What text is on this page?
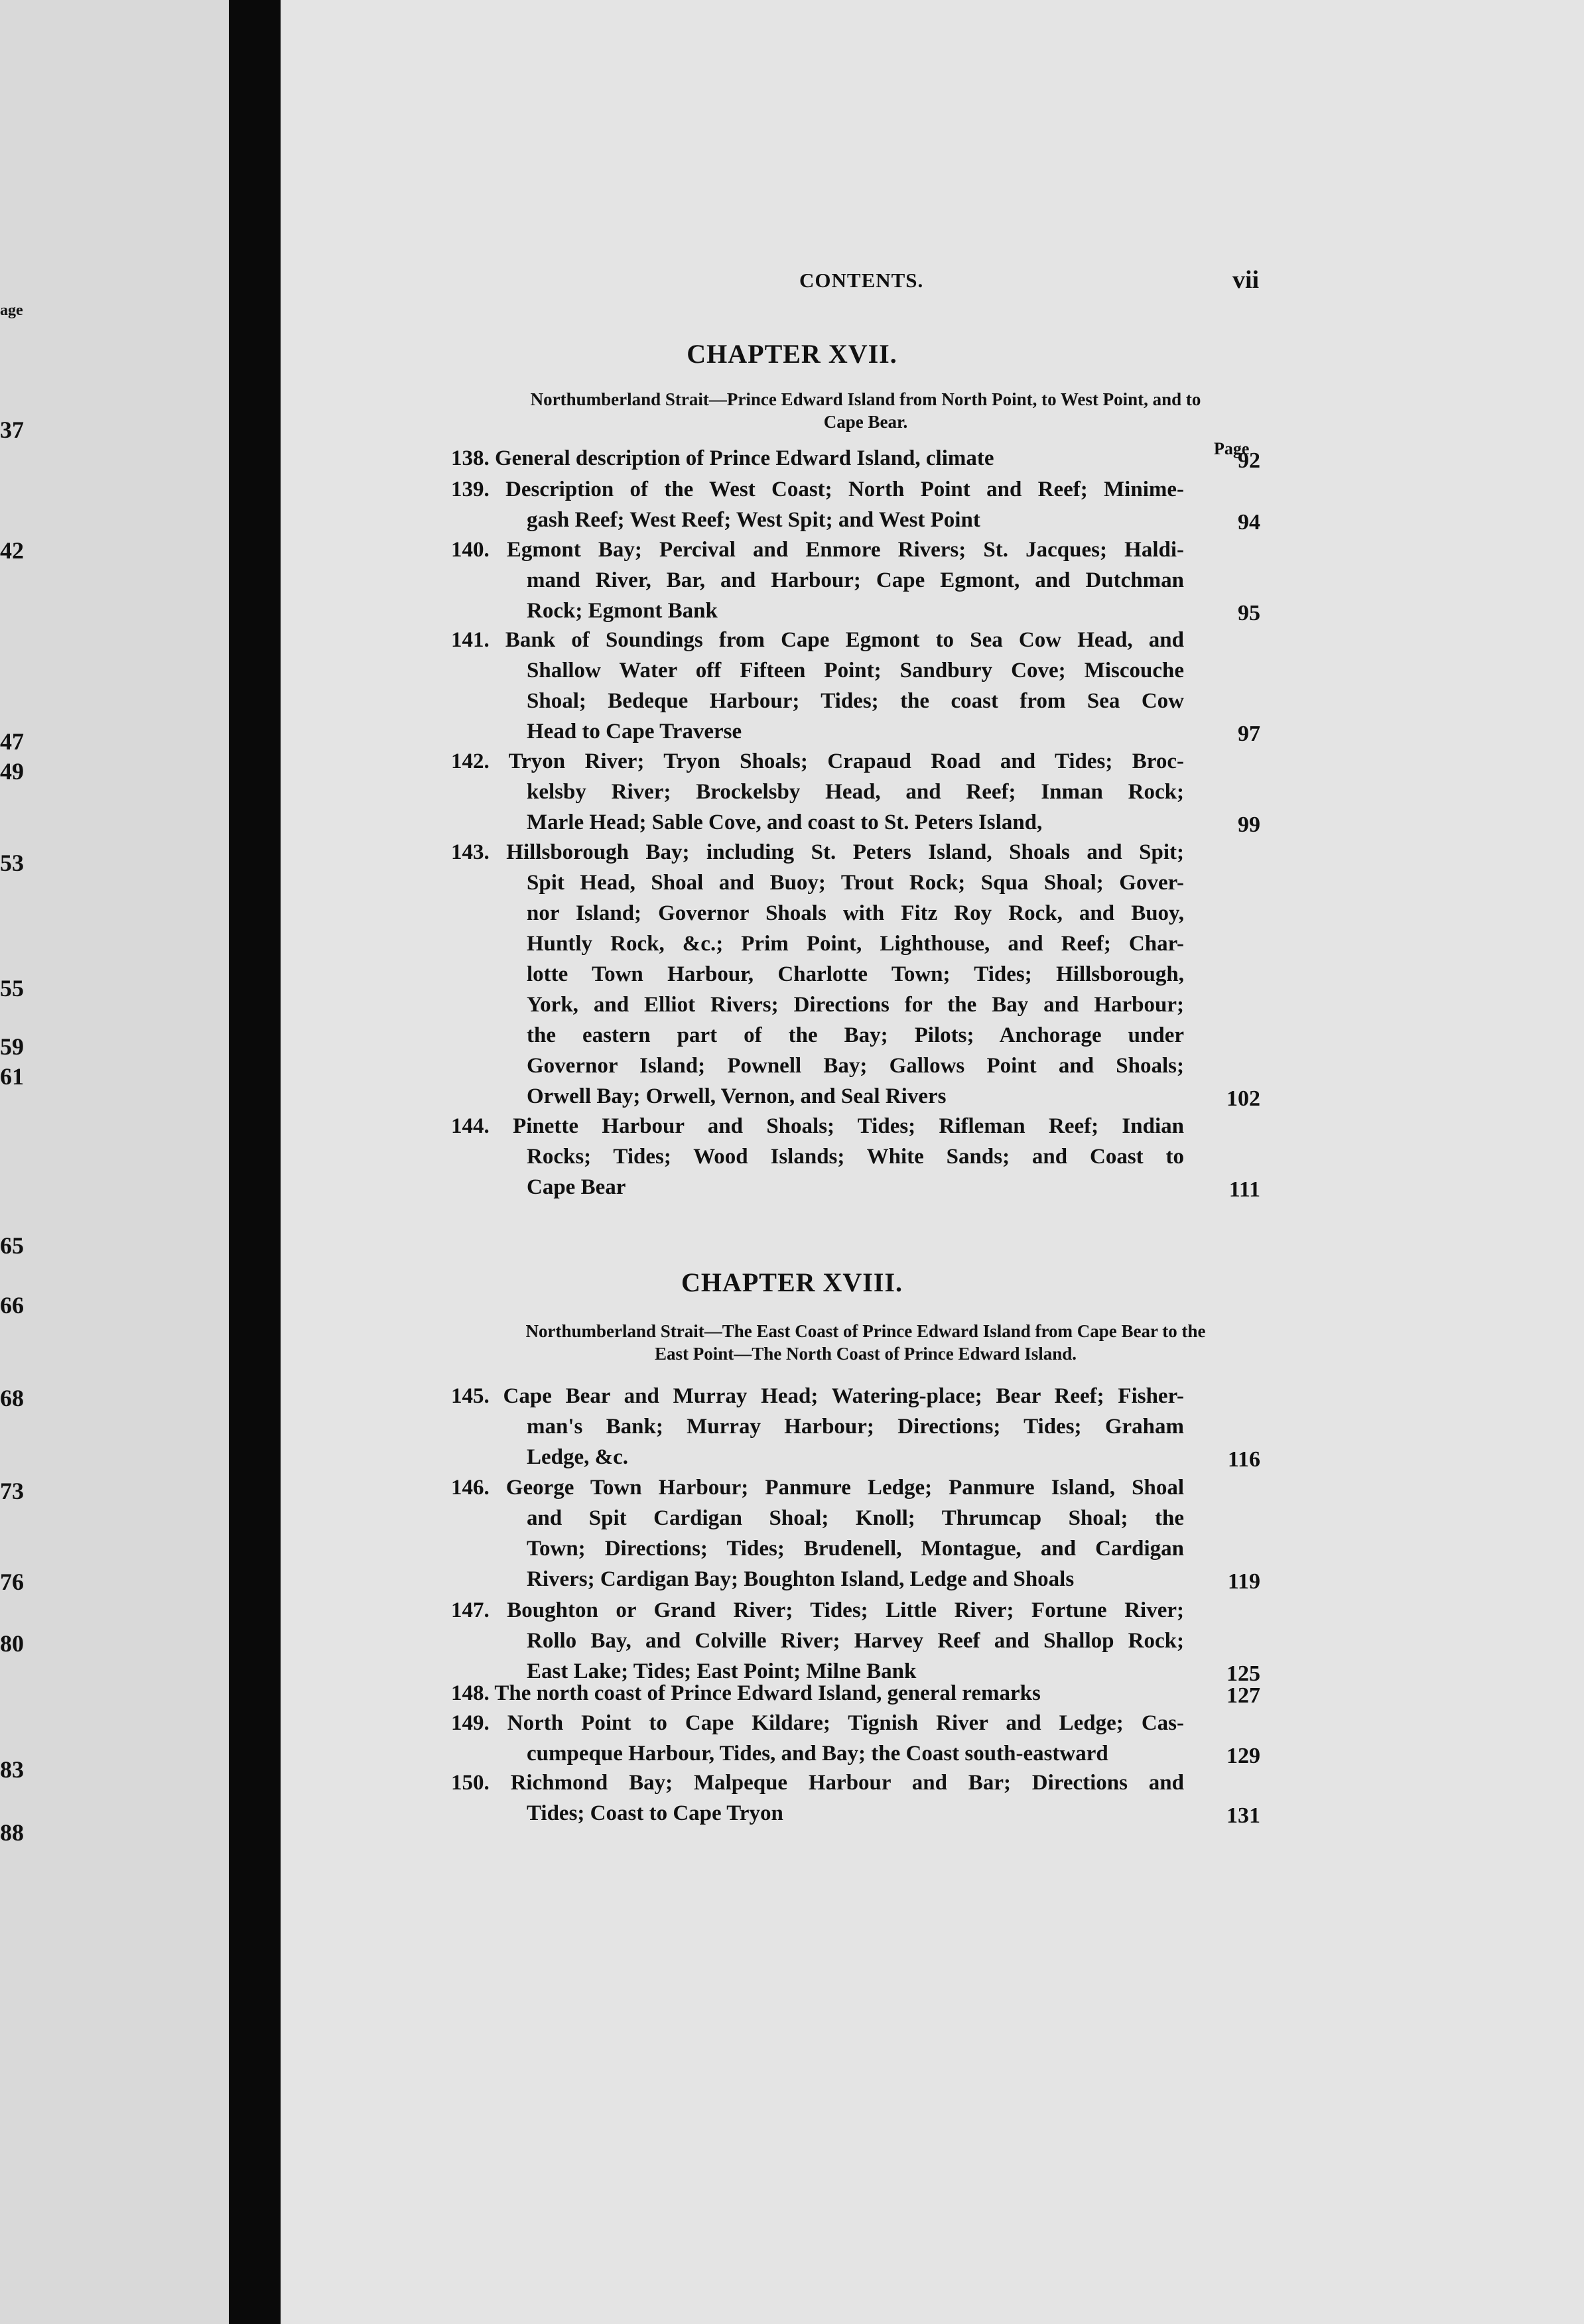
age
37
42
47
49
53
55
59
61
65
66
68
73
76
80
83
88
CONTENTS.	vii
CHAPTER XVII.
Northumberland Strait—Prince Edward Island from North Point, to West Point, and to
Cape Bear.
Page
CHAPTER XVIII.
Northumberland Strait—The East Coast of Prince Edward Island from Cape Bear to the
East Point—The North Coast of Prince Edward Island.
138. General description of Prince Edward Island, climate	92
139. Description of the West Coast; North Point and Reef; Minime-
gash Reef; West Reef; West Spit; and West Point	94
140. Egmont Bay; Percival and Enmore Rivers; St. Jacques; Haldi-
mand River, Bar, and Harbour; Cape Egmont, and Dutchman
Rock; Egmont Bank	95
141. Bank of Soundings from Cape Egmont to Sea Cow Head, and
Shallow Water off Fifteen Point; Sandbury Cove; Miscouche
Shoal; Bedeque Harbour; Tides; the coast from Sea Cow
Head to Cape Traverse	97
142. Tryon River; Tryon Shoals; Crapaud Road and Tides; Broc-
kelsby River; Brockelsby Head, and Reef; Inman Rock;
Marle Head; Sable Cove, and coast to St. Peters Island,	99
143. Hillsborough Bay; including St. Peters Island, Shoals and Spit;
Spit Head, Shoal and Buoy; Trout Rock; Squa Shoal; Gover-
nor Island; Governor Shoals with Fitz Roy Rock, and Buoy,
Huntly Rock, &c.; Prim Point, Lighthouse, and Reef; Char-
lotte Town Harbour, Charlotte Town; Tides; Hillsborough,
York, and Elliot Rivers; Directions for the Bay and Harbour;
the eastern part of the Bay; Pilots; Anchorage under
Governor Island; Pownell Bay; Gallows Point and Shoals;
Orwell Bay; Orwell, Vernon, and Seal Rivers	102
144. Pinette Harbour and Shoals; Tides; Rifleman Reef; Indian
Rocks; Tides; Wood Islands; White Sands; and Coast to
Cape Bear	111
145. Cape Bear and Murray Head; Watering-place; Bear Reef; Fisher-
man's Bank; Murray Harbour; Directions; Tides; Graham
Ledge, &c.	116
146. George Town Harbour; Panmure Ledge; Panmure Island, Shoal
and Spit Cardigan Shoal; Knoll; Thrumcap Shoal; the
Town; Directions; Tides; Brudenell, Montague, and Cardigan
Rivers; Cardigan Bay; Boughton Island, Ledge and Shoals	119
147. Boughton or Grand River; Tides; Little River; Fortune River;
Rollo Bay, and Colville River; Harvey Reef and Shallop Rock;
East Lake; Tides; East Point; Milne Bank	125
148. The north coast of Prince Edward Island, general remarks	127
149. North Point to Cape Kildare; Tignish River and Ledge; Cas-
cumpeque Harbour, Tides, and Bay; the Coast south-eastward	129
150. Richmond Bay; Malpeque Harbour and Bar; Directions and
Tides; Coast to Cape Tryon	131
